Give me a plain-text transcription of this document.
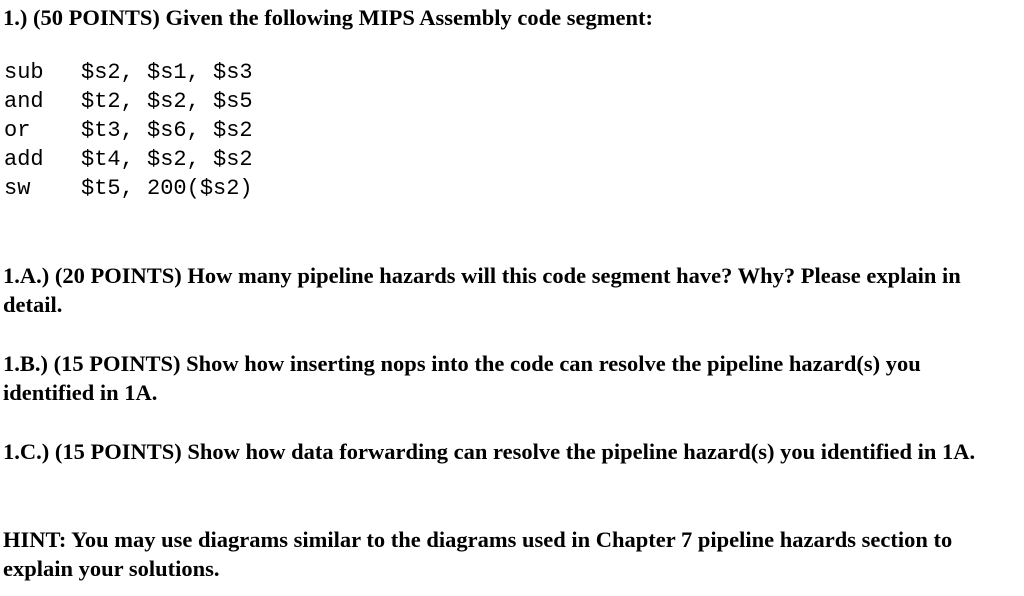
1.) (50 POINTS) Given the following MIPS Assembly code segment:
sub	$s2, $s1, $s3
and	$t2, $s2, $s5
or	$t3, $s6, $s2
add	$t4, $s2, $s2
sw	$t5, 200($s2)

1.A.) (20 POINTS) How many pipeline hazards will this code segment have? Why? Please explain in detail.

1.B.) (15 POINTS) Show how inserting nops into the code can resolve the pipeline hazard(s) you identified in 1A.

1.C.) (15 POINTS) Show how data forwarding can resolve the pipeline hazard(s) you identified in 1A.

HINT: You may use diagrams similar to the diagrams used in Chapter 7 pipeline hazards section to explain your solutions.
